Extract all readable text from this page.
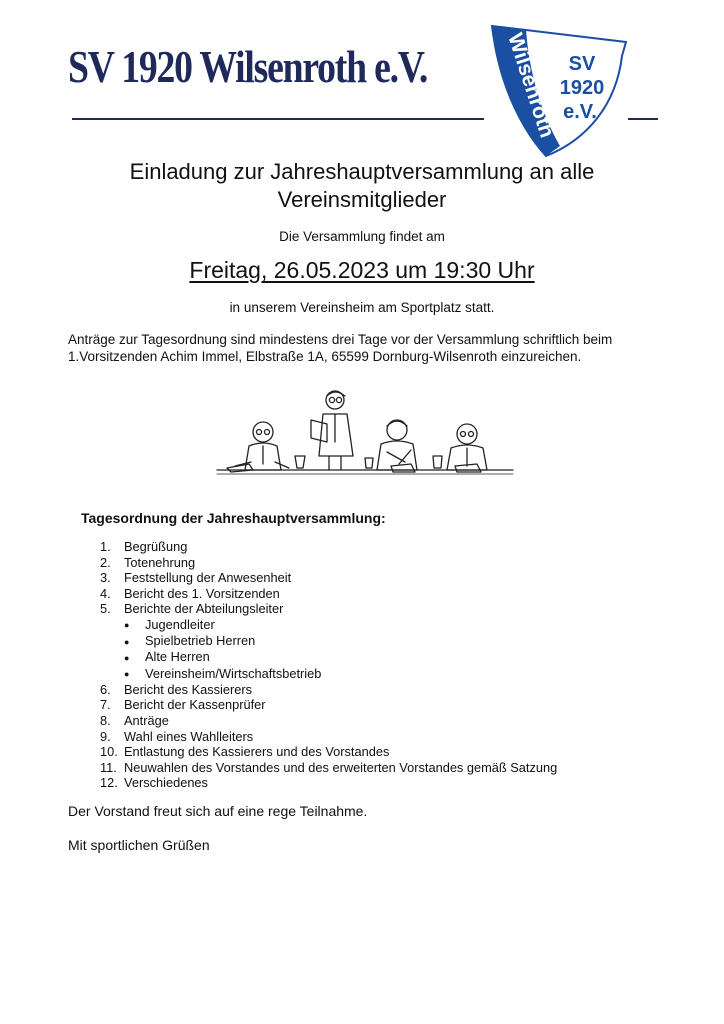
SV 1920 Wilsenroth e.V.	Wilsenroth SV
1920
e.V.
Einladung zur Jahreshauptversammlung an alle
Vereinsmitglieder
Die Versammlung findet am
Freitag, 26.05.2023 um 19:30 Uhr
in unserem Vereinsheim am Sportplatz statt.
Anträge zur Tagesordnung sind mindestens drei Tage vor der Versammlung schriftlich beim 1.Vorsitzenden Achim Immel, Elbstraße 1A, 65599 Dornburg-Wilsenroth einzureichen.
Tagesordnung der Jahreshauptversammlung:
1. Begrüßung
2. Totenehrung
3. Feststellung der Anwesenheit
4. Bericht des 1. Vorsitzenden
5. Berichte der Abteilungsleiter
● Jugendleiter
● Spielbetrieb Herren
● Alte Herren
● Vereinsheim/Wirtschaftsbetrieb
6. Bericht des Kassierers
7. Bericht der Kassenprüfer
8. Anträge
9. Wahl eines Wahlleiters
10. Entlastung des Kassierers und des Vorstandes
11. Neuwahlen des Vorstandes und des erweiterten Vorstandes gemäß Satzung
12. Verschiedenes
Der Vorstand freut sich auf eine rege Teilnahme.
Mit sportlichen Grüßen
